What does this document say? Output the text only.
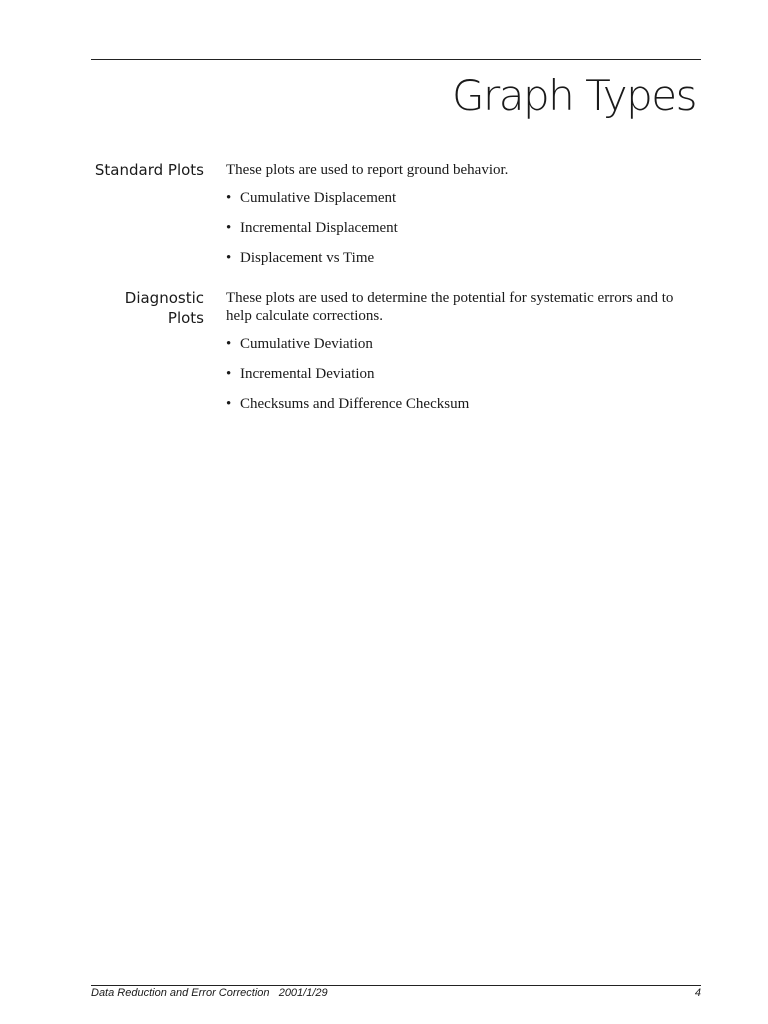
Graph Types
Standard Plots These plots are used to report ground behavior.

• Cumulative Displacement
• Incremental Displacement
• Displacement vs Time
Diagnostic
Plots

These plots are used to determine the potential for systematic errors and to help calculate corrections.

• Cumulative Deviation
• Incremental Deviation
• Checksums and Difference Checksum
Data Reduction and Error Correction   2001/1/29	4
